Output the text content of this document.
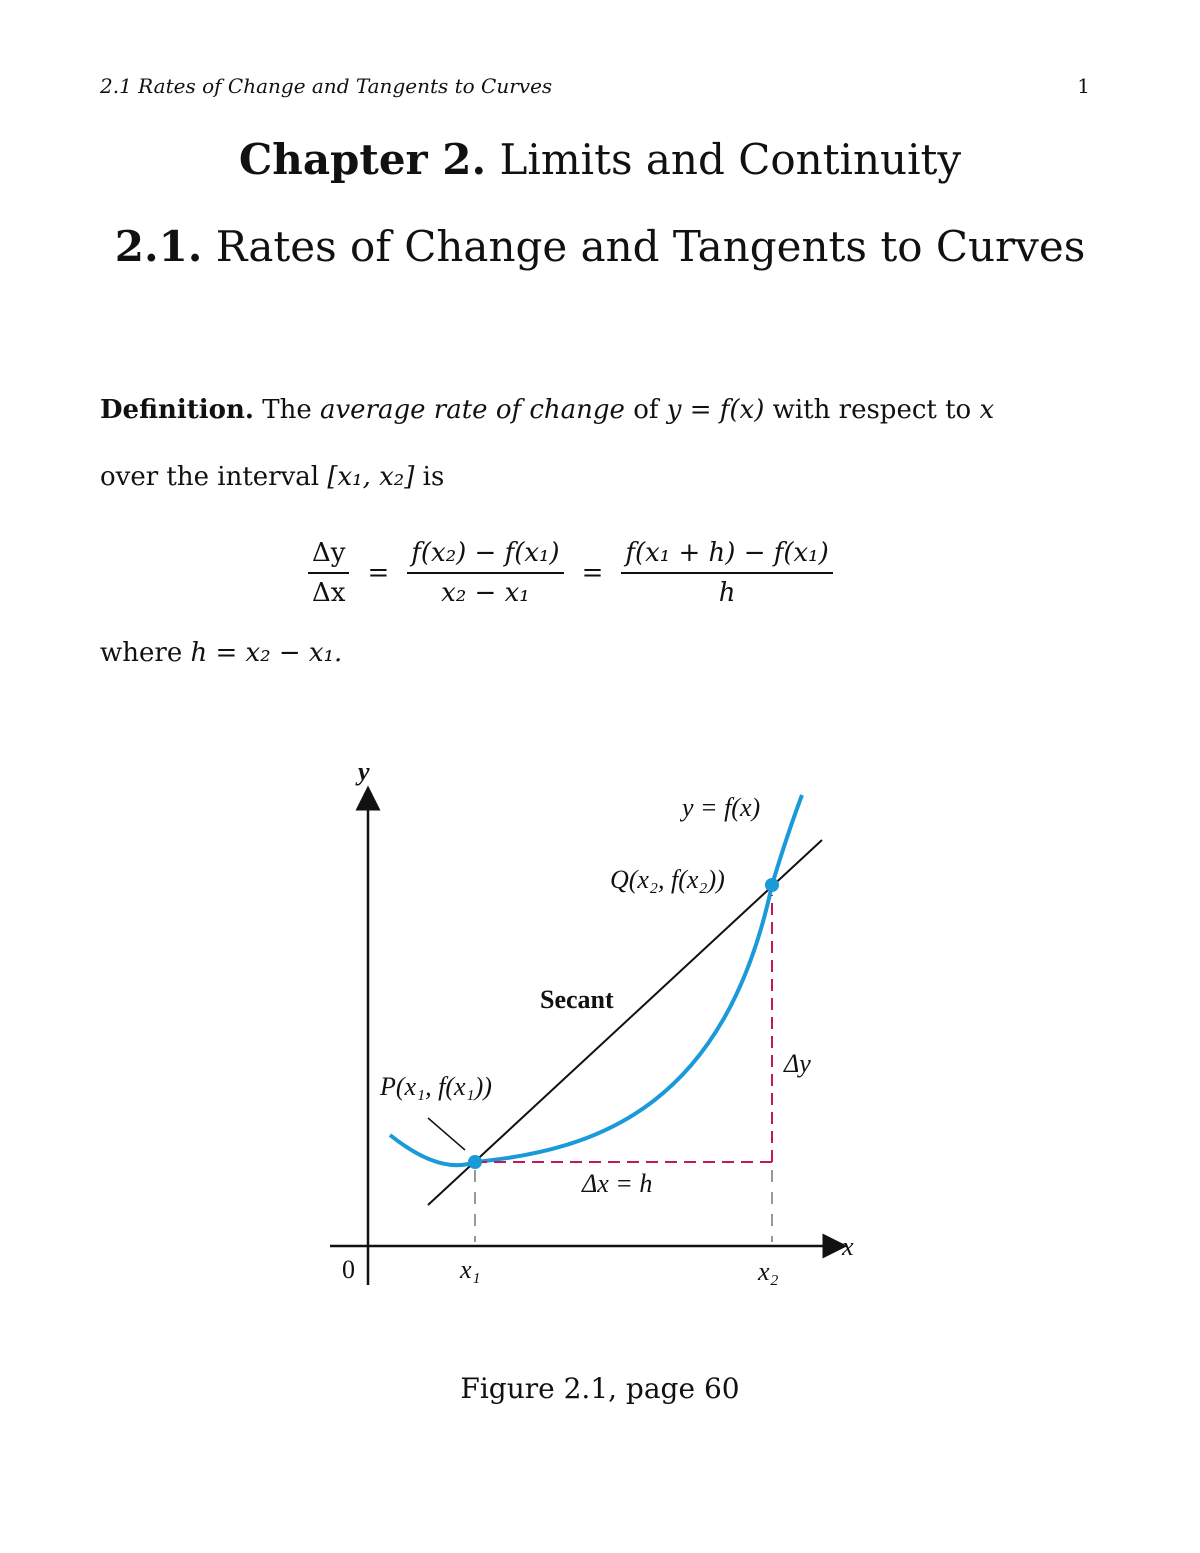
2.1 Rates of Change and Tangents to Curves	1
Chapter 2. Limits and Continuity
2.1. Rates of Change and Tangents to Curves
Definition. The average rate of change of y = f(x) with respect to x
over the interval [x₁, x₂] is
$\frac{\Delta y}{\Delta x} = \frac{\text{f(x₂) − f(x₁)}}{\text{x₂ − x₁}} = \frac{\text{f(x₁ + h) − f(x₁)}}{h}$
where h = x₂ − x₁.
y
x
0
y = f(x)
Q(x₂, f(x₂))
Secant
P(x₁, f(x₁))
Δx = h
Δy
x₁	x₂
Figure 2.1, page 60
